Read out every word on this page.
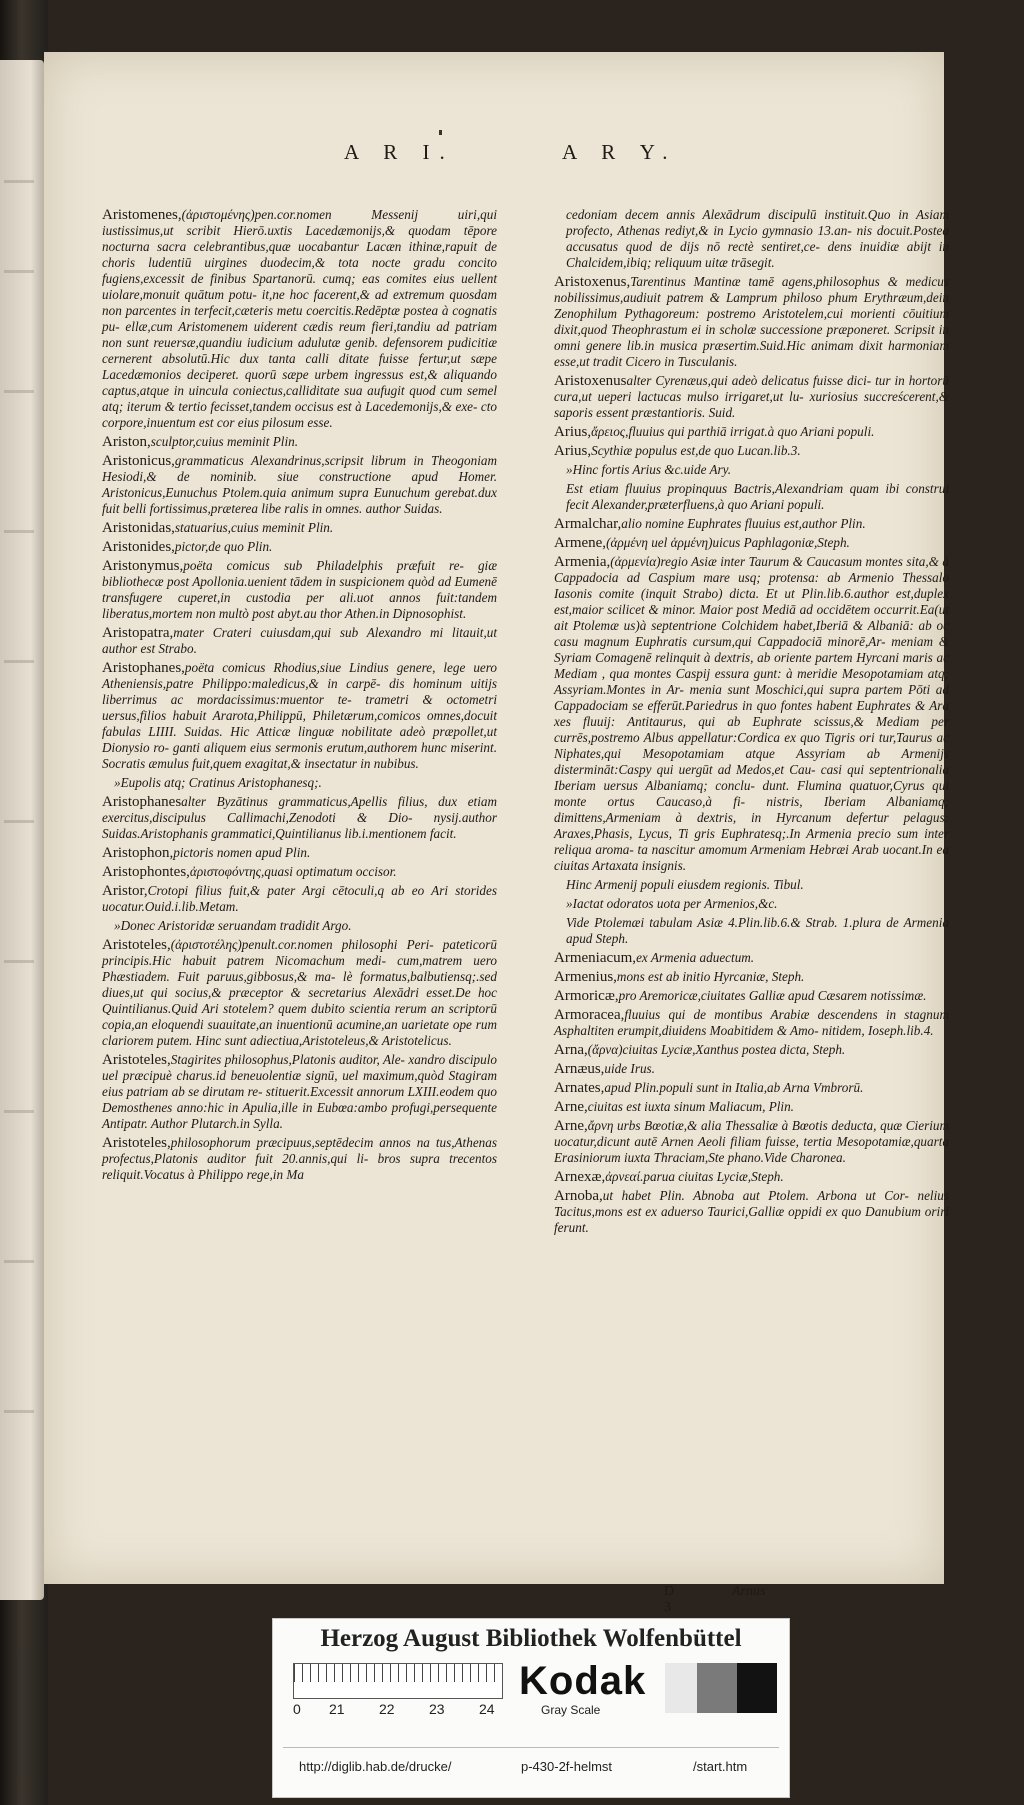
A R I.	A R Y.

Aristomenes,(ἀριστομένης)pen.cor.nomen Messenij uiri,qui iustissimus,ut scribit Hierō.uxtis Lacedæmonijs,& quodam tēpore nocturna sacra celebrantibus,quæ uocabantur Lacæn ithinæ,rapuit de choris ludentiū uirgines duodecim,& tota nocte gradu concito fugiens,excessit de finibus Spartanorū. cumq; eas comites eius uellent uiolare,monuit quātum potu- it,ne hoc facerent,& ad extremum quosdam non parcentes in terfecit,cæteris metu coercitis.Redēptæ postea à cognatis pu- ellæ,cum Aristomenem uiderent cædis reum fieri,tandiu ad patriam non sunt reuersæ,quandiu iudicium adulutæ genib. defensorem pudicitiæ cernerent absolutū.Hic dux tanta calli ditate fuisse fertur,ut sæpe Lacedæmonios deciperet. quorū sæpe urbem ingressus est,& aliquando captus,atque in uincula coniectus,calliditate sua aufugit quod cum semel atq; iterum & tertio fecisset,tandem occisus est à Lacedemonijs,& exe- cto corpore,inuentum est cor eius pilosum esse.

Ariston,sculptor,cuius meminit Plin.

Aristonicus,grammaticus Alexandrinus,scripsit librum in Theogoniam Hesiodi,& de nominib. siue constructione apud Homer. Aristonicus,Eunuchus Ptolem.quia animum supra Eunuchum gerebat.dux fuit belli fortissimus,præterea libe ralis in omnes. author Suidas.

Aristonidas,statuarius,cuius meminit Plin.

Aristonides,pictor,de quo Plin.

Aristonymus,poëta comicus sub Philadelphis præfuit re- giæ bibliothecæ post Apollonia.uenient tādem in suspicionem quòd ad Eumenē transfugere cuperet,in custodia per ali.uot annos fuit:tandem liberatus,mortem non multò post abyt.au thor Athen.in Dipnosophist.

Aristopatra,mater Crateri cuiusdam,qui sub Alexandro mi litauit,ut author est Strabo.

Aristophanes,poëta comicus Rhodius,siue Lindius genere, lege uero Atheniensis,patre Philippo:maledicus,& in carpē- dis hominum uitijs liberrimus ac mordacissimus:muentor te- trametri & octometri uersus,filios habuit Ararota,Philippū, Philetærum,comicos omnes,docuit fabulas LIIII. Suidas. Hic Atticæ linguæ nobilitate adeò præpollet,ut Dionysio ro- ganti aliquem eius sermonis erutum,authorem hunc miserint. Socratis æmulus fuit,quem exagitat,& insectatur in nubibus.

»Eupolis atq; Cratinus Aristophanesq;.

Aristophanesalter Byzātinus grammaticus,Apellis filius, dux etiam exercitus,discipulus Callimachi,Zenodoti & Dio- nysij.author Suidas.Aristophanis grammatici,Quintilianus lib.i.mentionem facit.

Aristophon,pictoris nomen apud Plin.

Aristophontes,ἀριστοφόντης,quasi optimatum occisor.

Aristor,Crotopi filius fuit,& pater Argi cētoculi,q ab eo Ari storides uocatur.Ouid.i.lib.Metam.

»Donec Aristoridæ seruandam tradidit Argo.

Aristoteles,(ἀριστοτέλης)penult.cor.nomen philosophi Peri- pateticorū principis.Hic habuit patrem Nicomachum medi- cum,matrem uero Phæstiadem. Fuit paruus,gibbosus,& ma- lè formatus,balbutiensq;.sed diues,ut qui socius,& præceptor & secretarius Alexādri esset.De hoc Quintilianus.Quid Ari stotelem? quem dubito scientia rerum an scriptorū copia,an eloquendi suauitate,an inuentionū acumine,an uarietate ope rum clariorem putem. Hinc sunt adiectiua,Aristoteleus,& Aristotelicus.

Aristoteles,Stagirites philosophus,Platonis auditor, Ale- xandro discipulo uel præcipuè charus.id beneuolentiæ signū, uel maximum,quòd Stagiram eius patriam ab se dirutam re- stituerit.Excessit annorum LXIII.eodem quo Demosthenes anno:hic in Apulia,ille in Eubœa:ambo profugi,persequente Antipatr. Author Plutarch.in Sylla.

Aristoteles,philosophorum præcipuus,septēdecim annos na tus,Athenas profectus,Platonis auditor fuit 20.annis,qui li- bros supra trecentos reliquit.Vocatus à Philippo rege,in Ma

cedoniam decem annis Alexādrum discipulū instituit.Quo in Asiam profecto, Athenas rediyt,& in Lycio gymnasio 13.an- nis docuit.Postea accusatus quod de dijs nō rectè sentiret,ce- dens inuidiæ abijt in Chalcidem,ibiq; reliquum uitæ trāsegit.

Aristoxenus,Tarentinus Mantinæ tamē agens,philosophus & medicus nobilissimus,audiuit patrem & Lamprum philoso phum Erythræum,dein Zenophilum Pythagoreum: postremo Aristotelem,cui morienti cōuitium dixit,quod Theophrastum ei in scholæ successione præponeret. Scripsit in omni genere lib.in musica præsertim.Suid.Hic animam dixit harmoniam esse,ut tradit Cicero in Tusculanis.

Aristoxenusalter Cyrenæus,qui adeò delicatus fuisse dici- tur in hortorū cura,ut ueperi lactucas mulso irrigaret,ut lu- xuriosius succreścerent,& saporis essent præstantioris. Suid.

Arius,ἄρειος,fluuius qui parthiā irrigat.à quo Ariani populi.

Arius,Scythiæ populus est,de quo Lucan.lib.3.

»Hinc fortis Arius &c.uide Ary.

Est etiam fluuius propinquus Bactris,Alexandriam quam ibi construi fecit Alexander,præterfluens,à quo Ariani populi.

Armalchar,alio nomine Euphrates fluuius est,author Plin.

Armene,(ἀρμένη uel ἁρμένη)uicus Paphlagoniæ,Steph.

Armenia,(ἀρμενία)regio Asiæ inter Taurum & Caucasum montes sita,& à Cappadocia ad Caspium mare usq; protensa: ab Armenio Thessalo Iasonis comite (inquit Strabo) dicta. Et ut Plin.lib.6.author est,duplex est,maior scilicet & minor. Maior post Mediā ad occidētem occurrit.Ea(ut ait Ptolemæ us)à septentrione Colchidem habet,Iberiā & Albaniā: ab oc casu magnum Euphratis cursum,qui Cappadociā minorē,Ar- meniam & Syriam Comagenē relinquit à dextris, ab oriente partem Hyrcani maris ac Mediam , qua montes Caspij essura gunt: à meridie Mesopotamiam atq; Assyriam.Montes in Ar- menia sunt Moschici,qui supra partem Pōti ad Cappadociam se efferūt.Pariedrus in quo fontes habent Euphrates & Ara xes fluuij: Antitaurus, qui ab Euphrate scissus,& Mediam per currēs,postremo Albus appellatur:Cordica ex quo Tigris ori tur,Taurus ac Niphates,qui Mesopotamiam atque Assyriam ab Armenijs distermināt:Caspy qui uergūt ad Medos,et Cau- casi qui septentrionalia Iberiam uersus Albaniamq; conclu- dunt. Flumina quatuor,Cyrus qui monte ortus Caucaso,à fi- nistris, Iberiam Albaniamq; dimittens,Armeniam à dextris, in Hyrcanum defertur pelagus: Araxes,Phasis, Lycus, Ti gris Euphratesq;.In Armenia precio sum inter reliqua aroma- ta nascitur amomum Armeniam Hebræi Arab uocant.In ea ciuitas Artaxata insignis.

Hinc Armenij populi eiusdem regionis. Tibul.

»Iactat odoratos uota per Armenios,&c.

Vide Ptolemæi tabulam Asiæ 4.Plin.lib.6.& Strab. 1.plura de Armenia apud Steph.

Armeniacum,ex Armenia aduectum.

Armenius,mons est ab initio Hyrcaniæ, Steph.

Armoricæ,pro Aremoricæ,ciuitates Galliæ apud Cæsarem notissimæ.

Armoracea,fluuius qui de montibus Arabiæ descendens in stagnum Asphaltiten erumpit,diuidens Moabitidem & Amo- nitidem, Ioseph.lib.4.

Arna,(ἄρνα)ciuitas Lyciæ,Xanthus postea dicta, Steph.

Arnæus,uide Irus.

Arnates,apud Plin.populi sunt in Italia,ab Arna Vmbrorū.

Arne,ciuitas est iuxta sinum Maliacum, Plin.

Arne,ἄρνη urbs Bœotiæ,& alia Thessaliæ à Bœotis deducta, quæ Cierium uocatur,dicunt autē Arnen Aeoli filiam fuisse, tertia Mesopotamiæ,quarta Erasiniorum iuxta Thraciam,Ste phano.Vide Charonea.

Arnexæ,ἀρνεαί.parua ciuitas Lyciæ,Steph.

Arnoba,ut habet Plin. Abnoba aut Ptolem. Arbona ut Cor- nelius Tacitus,mons est ex aduerso Taurici,Galliæ oppidi ex quo Danubium oriri ferunt.

D 3
Arnus
Herzog August Bibliothek Wolfenbüttel
0 21 22 23 24
Kodak
Gray Scale
http://diglib.hab.de/drucke/	p-430-2f-helmst	/start.htm
